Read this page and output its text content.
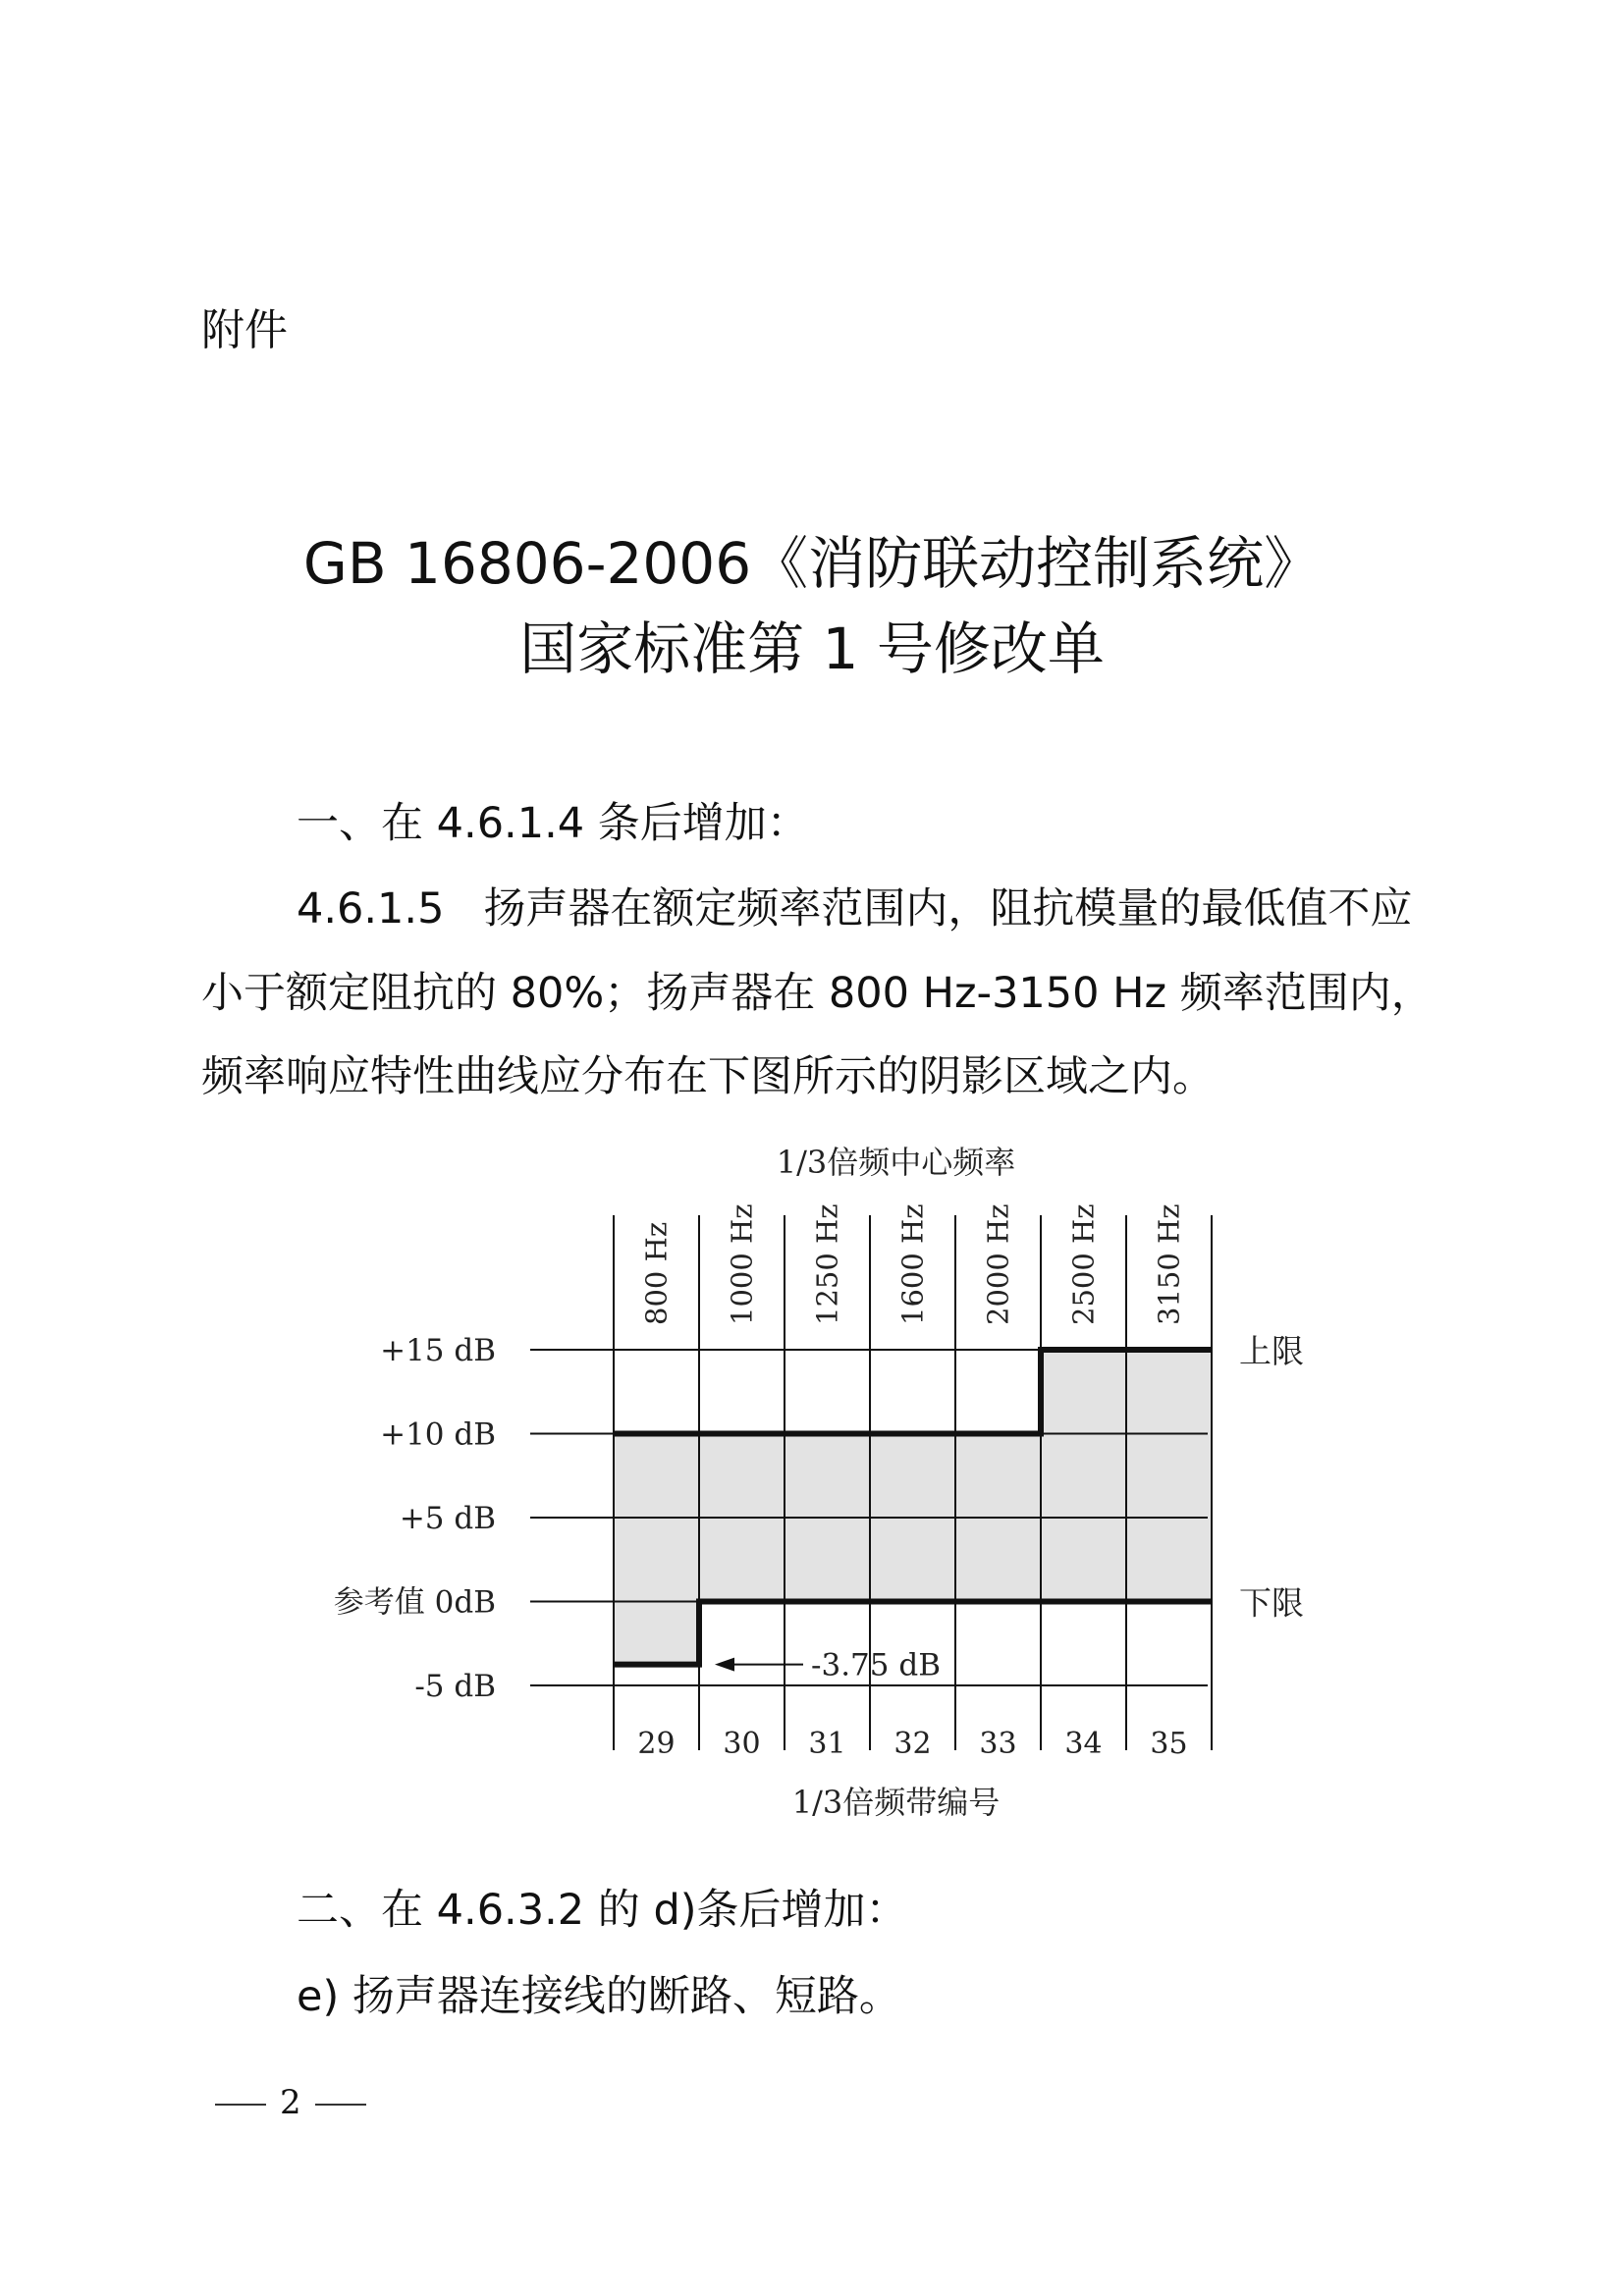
附件
GB 16806-2006《消防联动控制系统》
国家标准第 1 号修改单
一、在 4.6.1.4 条后增加：
4.6.1.5 扬声器在额定频率范围内，阻抗模量的最低值不应
小于额定阻抗的 80%；扬声器在 800 Hz-3150 Hz 频率范围内，
频率响应特性曲线应分布在下图所示的阴影区域之内。
800 Hz 1000 Hz 1250 Hz 1600 Hz 2000 Hz 2500 Hz 3150 Hz
29 30 31 32 33 34 35
+15 dB
+10 dB
+5 dB
参考值 0dB
-5 dB
上限
下限
1/3倍频中心频率
1/3倍频带编号
-3.75 dB
二、在 4.6.3.2 的 d)条后增加：
e) 扬声器连接线的断路、短路。
2
